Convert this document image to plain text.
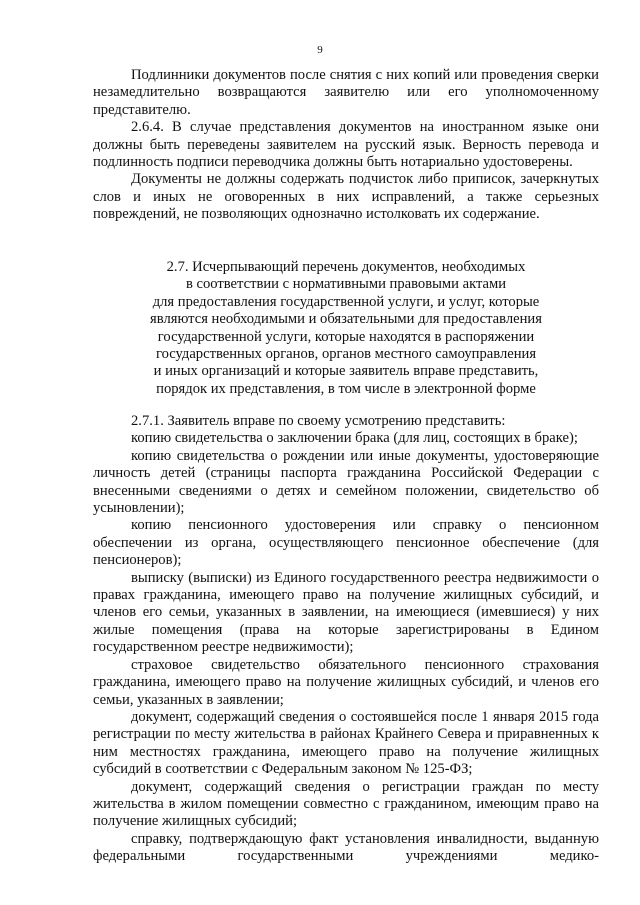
9

Подлинники документов после снятия с них копий или проведения сверки незамедлительно возвращаются заявителю или его уполномоченному представителю.

2.6.4. В случае представления документов на иностранном языке они должны быть переведены заявителем на русский язык. Верность перевода и подлинность подписи переводчика должны быть нотариально удостоверены.

Документы не должны содержать подчисток либо приписок, зачеркнутых слов и иных не оговоренных в них исправлений, а также серьезных повреждений, не позволяющих однозначно истолковать их содержание.

2.7. Исчерпывающий перечень документов, необходимых
в соответствии с нормативными правовыми актами
для предоставления государственной услуги, и услуг, которые
являются необходимыми и обязательными для предоставления
государственной услуги, которые находятся в распоряжении
государственных органов, органов местного самоуправления
и иных организаций и которые заявитель вправе представить,
порядок их представления, в том числе в электронной форме

2.7.1. Заявитель вправе по своему усмотрению представить:

копию свидетельства о заключении брака (для лиц, состоящих в браке);

копию свидетельства о рождении или иные документы, удостоверяющие личность детей (страницы паспорта гражданина Российской Федерации с внесенными сведениями о детях и семейном положении, свидетельство об усыновлении);

копию пенсионного удостоверения или справку о пенсионном обеспечении из органа, осуществляющего пенсионное обеспечение (для пенсионеров);

выписку (выписки) из Единого государственного реестра недвижимости о правах гражданина, имеющего право на получение жилищных субсидий, и членов его семьи, указанных в заявлении, на имеющиеся (имевшиеся) у них жилые помещения (права на которые зарегистрированы в Едином государственном реестре недвижимости);

страховое свидетельство обязательного пенсионного страхования гражданина, имеющего право на получение жилищных субсидий, и членов его семьи, указанных в заявлении;

документ, содержащий сведения о состоявшейся после 1 января 2015 года регистрации по месту жительства в районах Крайнего Севера и приравненных к ним местностях гражданина, имеющего право на получение жилищных субсидий в соответствии с Федеральным законом № 125-ФЗ;

документ, содержащий сведения о регистрации граждан по месту жительства в жилом помещении совместно с гражданином, имеющим право на получение жилищных субсидий;

справку, подтверждающую факт установления инвалидности, выданную федеральными государственными учреждениями медико-
